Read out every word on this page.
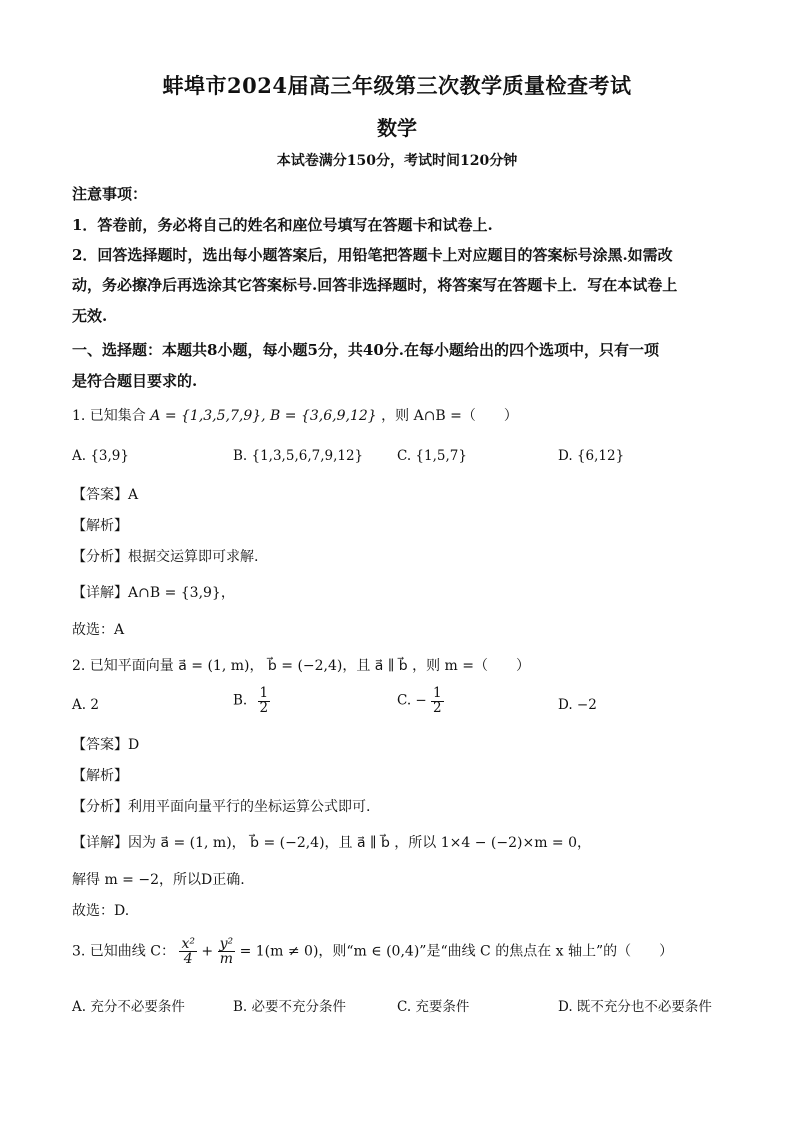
蚌埠市2024届高三年级第三次教学质量检查考试
数学
本试卷满分150分，考试时间120分钟
注意事项：
1．答卷前，务必将自己的姓名和座位号填写在答题卡和试卷上.
2．回答选择题时，选出每小题答案后，用铅笔把答题卡上对应题目的答案标号涂黑.如需改
动，务必擦净后再选涂其它答案标号.回答非选择题时，将答案写在答题卡上．写在本试卷上
无效.
一、选择题：本题共8小题，每小题5分，共40分.在每小题给出的四个选项中，只有一项
是符合题目要求的.
1. 已知集合 A = {1,3,5,7,9}, B = {3,6,9,12} ，则 A∩B =（　　）
A. {3,9}	B. {1,3,5,6,7,9,12}	C. {1,5,7}	D. {6,12}
【答案】A
【解析】
【分析】根据交运算即可求解.
【详解】A∩B = {3,9}，
故选：A
2. 已知平面向量 a⃗ = (1, m)， b⃗ = (−2,4)，且 a⃗ ∥ b⃗ ，则 m =（　　）
A. 2	B. $\frac{1}{2}$	C. − $\frac{1}{2}$	D. −2
【答案】D
【解析】
【分析】利用平面向量平行的坐标运算公式即可.
【详解】因为 a⃗ = (1, m)， b⃗ = (−2,4)，且 a⃗ ∥ b⃗ ，所以 1×4 − (−2)×m = 0，
解得 m = −2，所以D正确.
故选：D.
3. 已知曲线 C： $\frac{\text{x²}}{4} + \frac{\text{y²}}{m} = 1(m \ne 0)$，则“m ∈ (0,4)”是“曲线 C 的焦点在 x 轴上”的（　　）
A. 充分不必要条件	B. 必要不充分条件	C. 充要条件	D. 既不充分也不必要条件
